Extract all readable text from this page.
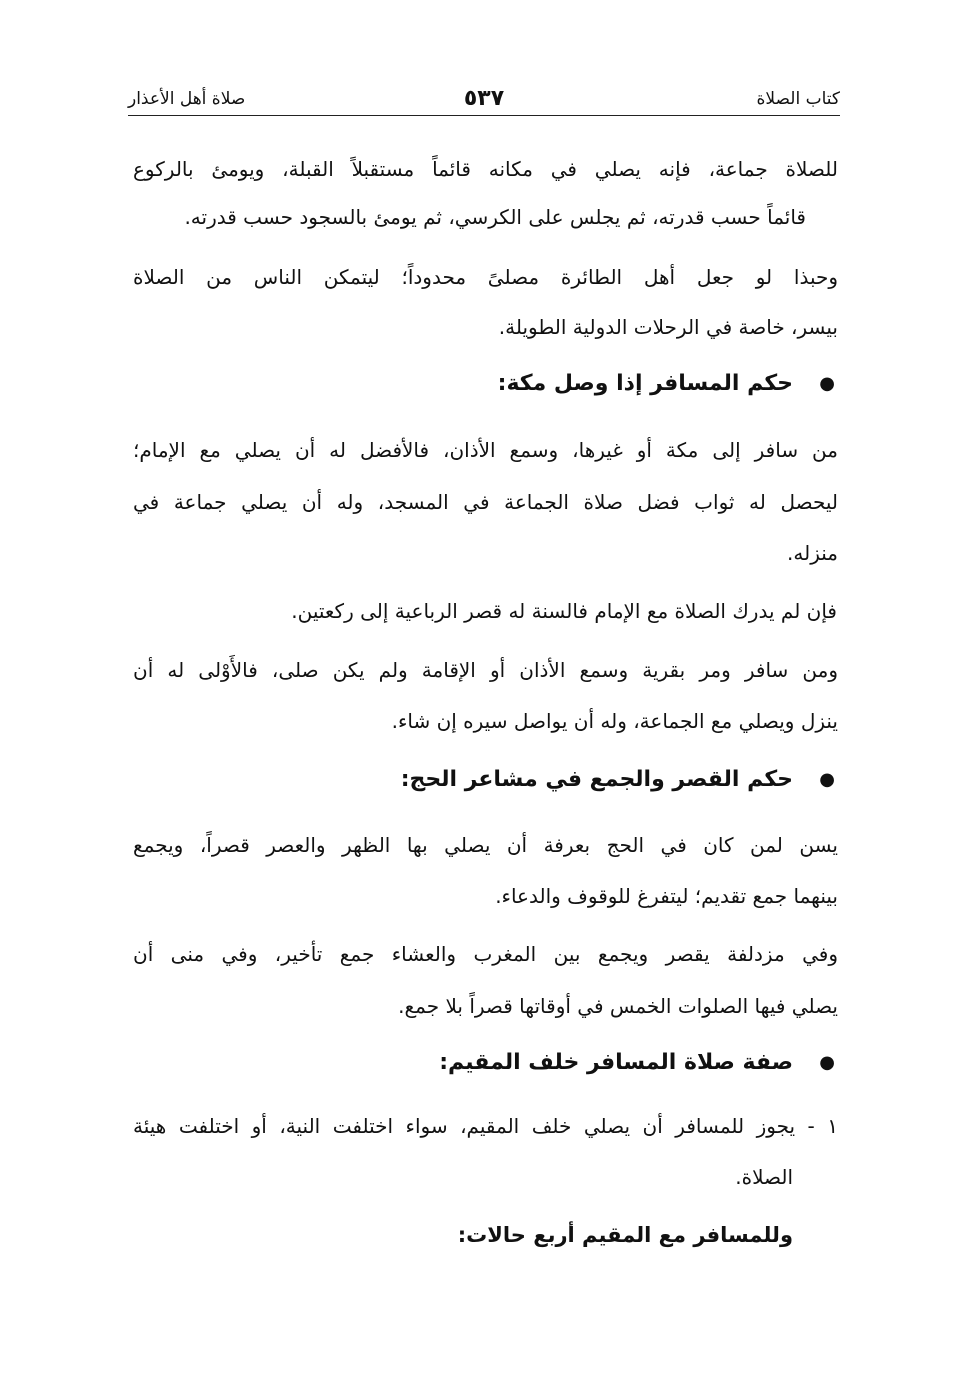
كتاب الصلاة
٥٣٧
صلاة أهل الأعذار
للصلاة جماعة، فإنه يصلي في مكانه قائماً مستقبلاً القبلة، ويومئ بالركوع
قائماً حسب قدرته، ثم يجلس على الكرسي، ثم يومئ بالسجود حسب قدرته.
وحبذا لو جعل أهل الطائرة مصلىً محدوداً؛ ليتمكن الناس من الصلاة
بيسر، خاصة في الرحلات الدولية الطويلة.
●
حكم المسافر إذا وصل مكة:
من سافر إلى مكة أو غيرها، وسمع الأذان، فالأفضل له أن يصلي مع الإمام؛
ليحصل له ثواب فضل صلاة الجماعة في المسجد، وله أن يصلي جماعة في
منزله.
فإن لم يدرك الصلاة مع الإمام فالسنة له قصر الرباعية إلى ركعتين.
ومن سافر ومر بقرية وسمع الأذان أو الإقامة ولم يكن صلى، فالأَوْلى له أن
ينزل ويصلي مع الجماعة، وله أن يواصل سيره إن شاء.
●
حكم القصر والجمع في مشاعر الحج:
يسن لمن كان في الحج بعرفة أن يصلي بها الظهر والعصر قصراً، ويجمع
بينهما جمع تقديم؛ ليتفرغ للوقوف والدعاء.
وفي مزدلفة يقصر ويجمع بين المغرب والعشاء جمع تأخير، وفي منى أن
يصلي فيها الصلوات الخمس في أوقاتها قصراً بلا جمع.
●
صفة صلاة المسافر خلف المقيم:
١ - يجوز للمسافر أن يصلي خلف المقيم، سواء اختلفت النية، أو اختلفت هيئة
الصلاة.
وللمسافر مع المقيم أربع حالات:
